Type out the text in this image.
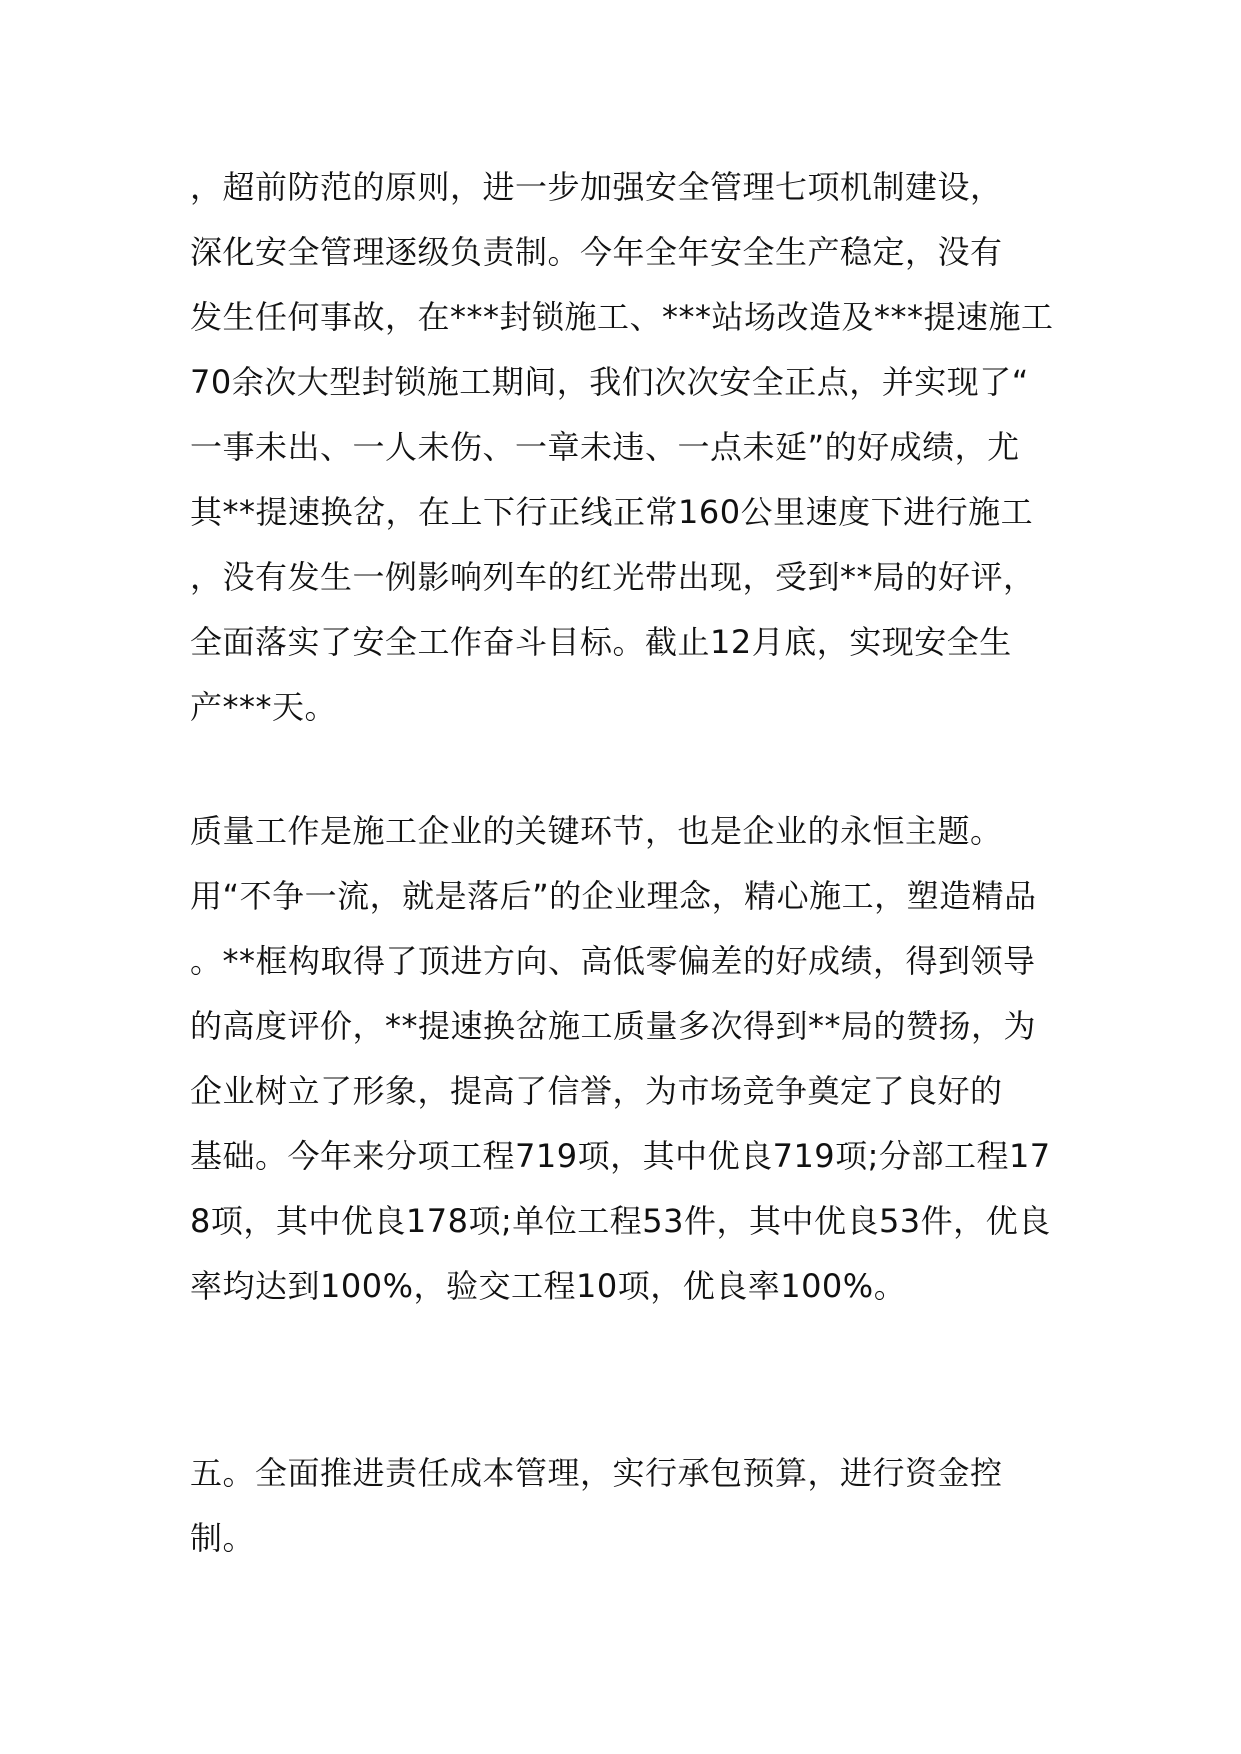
，超前防范的原则，进一步加强安全管理七项机制建设，
深化安全管理逐级负责制。今年全年安全生产稳定，没有
发生任何事故，在***封锁施工、***站场改造及***提速施工
70余次大型封锁施工期间，我们次次安全正点，并实现了“
一事未出、一人未伤、一章未违、一点未延”的好成绩，尤
其**提速换岔，在上下行正线正常160公里速度下进行施工
，没有发生一例影响列车的红光带出现，受到**局的好评，
全面落实了安全工作奋斗目标。截止12月底，实现安全生
产***天。
质量工作是施工企业的关键环节，也是企业的永恒主题。
用“不争一流，就是落后”的企业理念，精心施工，塑造精品
。**框构取得了顶进方向、高低零偏差的好成绩，得到领导
的高度评价，**提速换岔施工质量多次得到**局的赞扬，为
企业树立了形象，提高了信誉，为市场竞争奠定了良好的
基础。今年来分项工程719项，其中优良719项;分部工程17
8项，其中优良178项;单位工程53件，其中优良53件，优良
率均达到100%，验交工程10项，优良率100%。
五。全面推进责任成本管理，实行承包预算，进行资金控
制。
